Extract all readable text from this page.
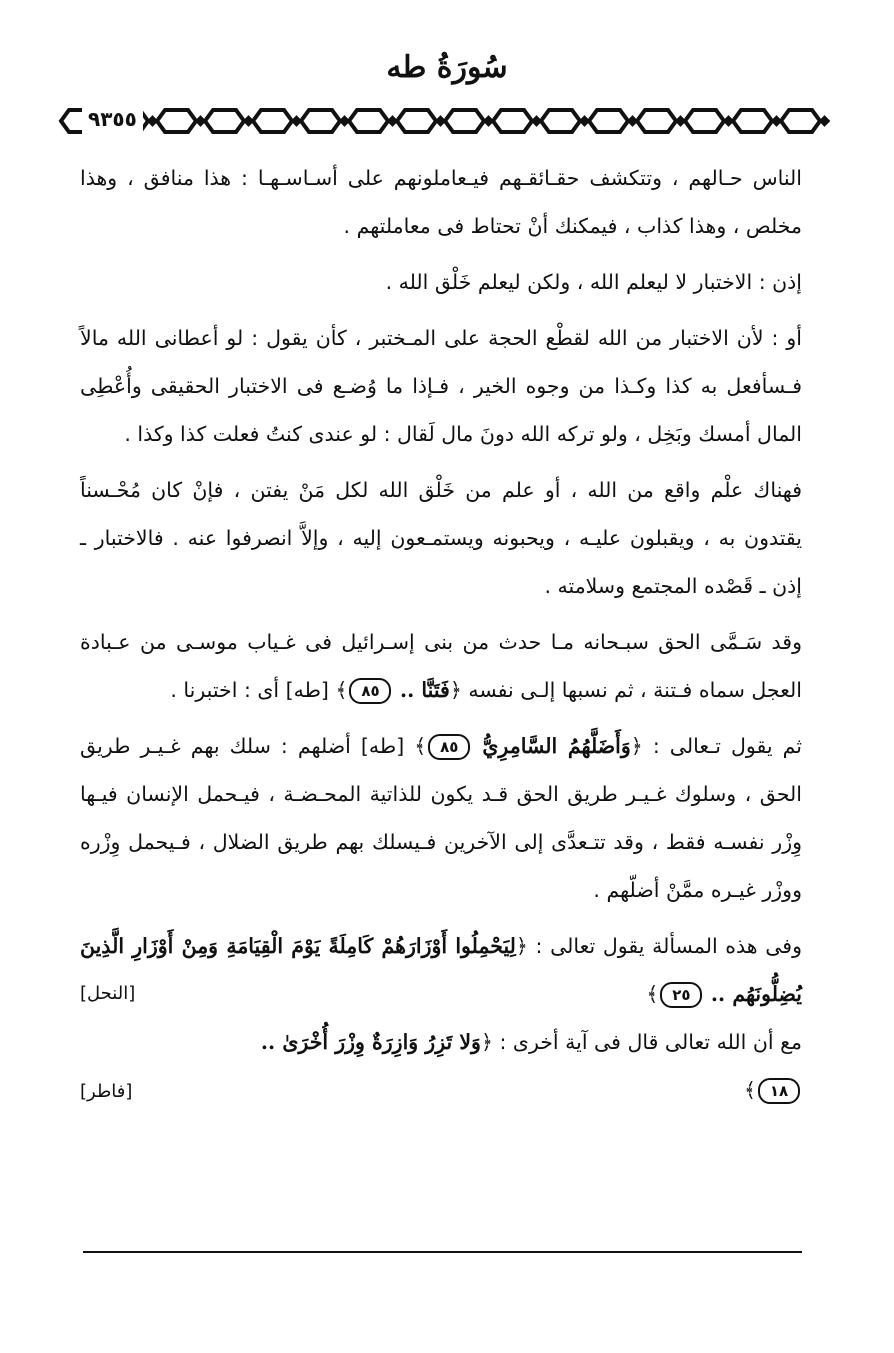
سُورَةُ طه
٩٣٥٥

الناس حـالهم ، وتتكشف حقـائقـهم فيـعاملونهم على أسـاسـهـا : هذا منافق ، وهذا مخلص ، وهذا كذاب ، فيمكنك أنْ تحتاط فى معاملتهم .

إذن : الاختبار لا ليعلم الله ، ولكن ليعلم خَلْق الله .

أو : لأن الاختبار من الله لقطْع الحجة على المـختبر ، كأن يقول : لو أعطانى الله مالاً فـسأفعل به كذا وكـذا من وجوه الخير ، فـإذا ما وُضـع فى الاختبار الحقيقى وأُعْطِى المال أمسك وبَخِل ، ولو تركه الله دونَ مال لَقال : لو عندى كنتُ فعلت كذا وكذا .

فهناك علْم واقع من الله ، أو علم من خَلْق الله لكل مَنْ يفتن ، فإنْ كان مُحْـسناً يقتدون به ، ويقبلون عليـه ، ويحبونه ويستمـعون إليه ، وإلاَّ انصرفوا عنه . فالاختبار ـ إذن ـ قَصْده المجتمع وسلامته .

وقد سَـمَّى الحق سبـحانه مـا حدث من بنى إسـرائيل فى غـياب موسـى من عـبادة العجل سماه فـتنة ، ثم نسبها إلـى نفسه ﴿فَتَنَّا .. ٨٥﴾ [طه] أى : اختبرنا .

ثم يقول تـعالى : ﴿وَأَضَلَّهُمُ السَّامِرِيُّ ٨٥﴾ [طه] أضلهم : سلك بهم غـيـر طريق الحق ، وسلوك غـيـر طريق الحق قـد يكون للذاتية المحـضـة ، فيـحمل الإنسان فيـها وِزْر نفسـه فقط ، وقد تتـعدَّى إلى الآخرين فـيسلك بهم طريق الضلال ، فـيحمل وِزْره ووزْر غيـره ممَّنْ أضلّهم .

وفى هذه المسألة يقول تعالى : ﴿لِيَحْمِلُوا أَوْزَارَهُمْ كَامِلَةً يَوْمَ الْقِيَامَةِ وَمِنْ أَوْزَارِ الَّذِينَ يُضِلُّونَهُم .. ٢٥﴾
[النحل]
مع أن الله تعالى قال فى آية أخرى : ﴿وَلا تَزِرُ وَازِرَةٌ وِزْرَ أُخْرَىٰ ..
١٨﴾
[فاطر]
